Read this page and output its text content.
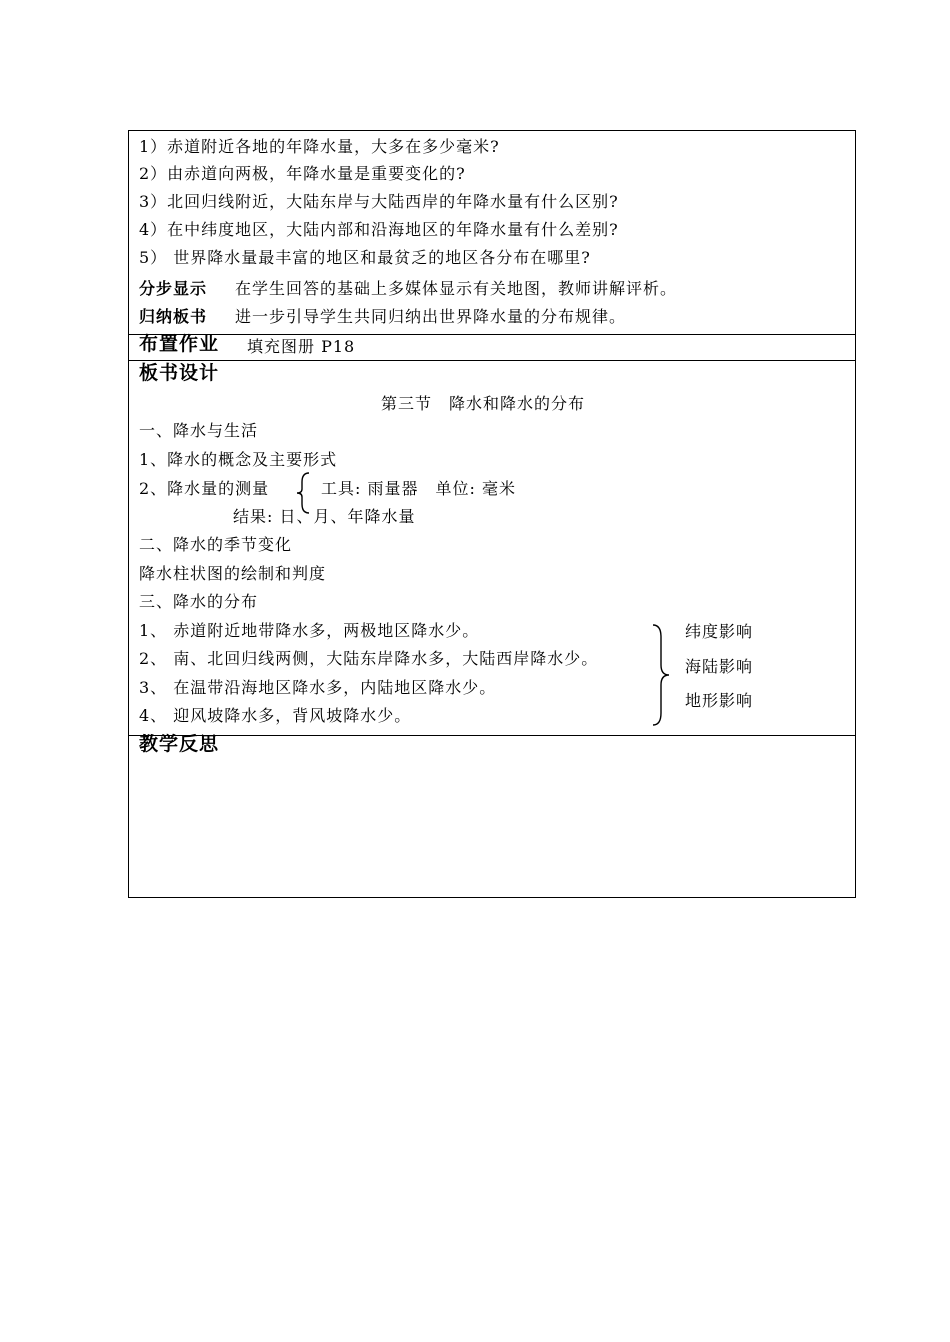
1）赤道附近各地的年降水量，大多在多少毫米?
2）由赤道向两极，年降水量是重要变化的?
3）北回归线附近，大陆东岸与大陆西岸的年降水量有什么区别?
4）在中纬度地区，大陆内部和沿海地区的年降水量有什么差别?
5） 世界降水量最丰富的地区和最贫乏的地区各分布在哪里?
分步显示 在学生回答的基础上多媒体显示有关地图，教师讲解评析。
归纳板书 进一步引导学生共同归纳出世界降水量的分布规律。
布置作业 填充图册 P18
板书设计
第三节　降水和降水的分布
一、降水与生活
1、降水的概念及主要形式
2、降水量的测量	工具: 雨量器　单位: 毫米
结果: 日、月、年降水量
二、降水的季节变化
降水柱状图的绘制和判度
三、降水的分布
1、 赤道附近地带降水多，两极地区降水少。
2、 南、北回归线两侧，大陆东岸降水多，大陆西岸降水少。
3、 在温带沿海地区降水多，内陆地区降水少。
4、 迎风坡降水多，背风坡降水少。
纬度影响
海陆影响
地形影响
教学反思
